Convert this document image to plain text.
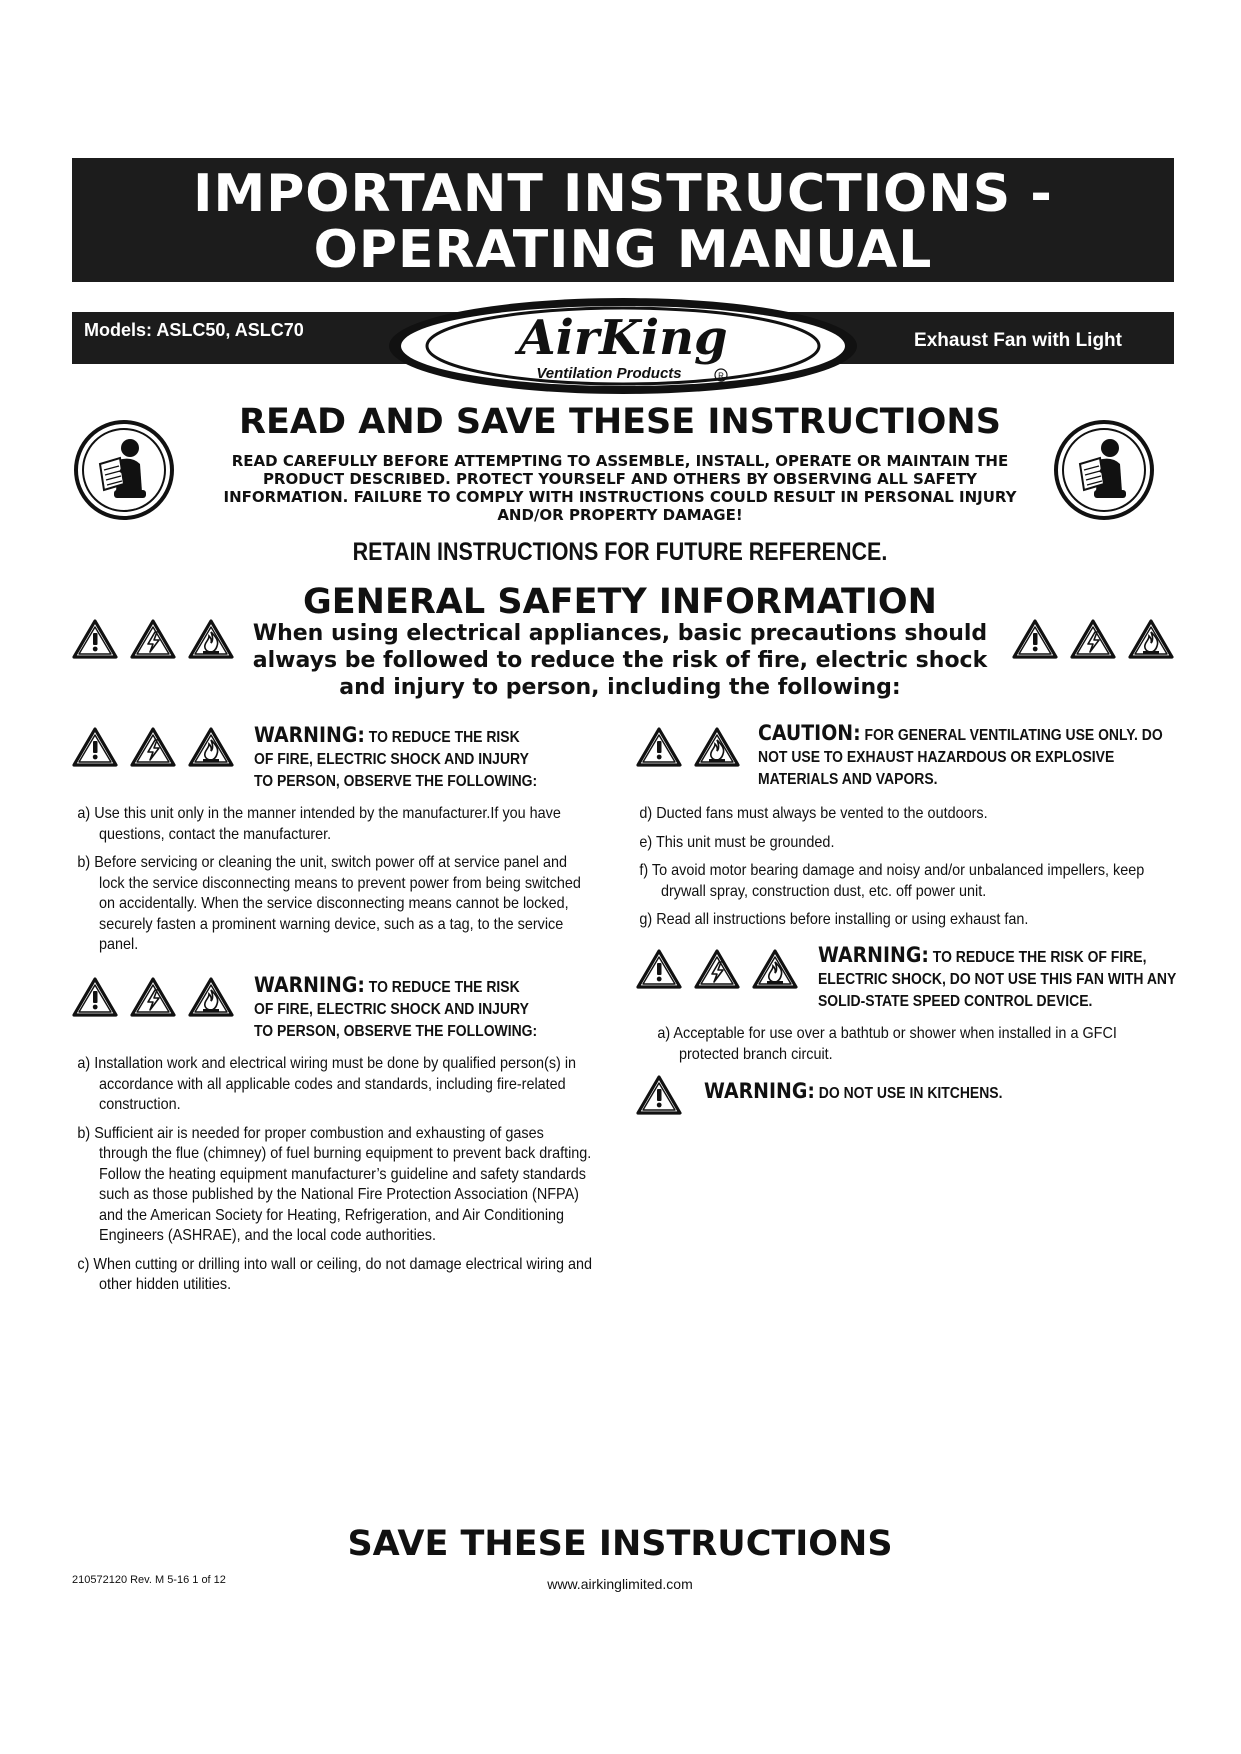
IMPORTANT INSTRUCTIONS -
OPERATING MANUAL
Models: ASLC50, ASLC70	Exhaust Fan with Light
AirKing
Ventilation Products	R
READ AND SAVE THESE INSTRUCTIONS
READ CAREFULLY BEFORE ATTEMPTING TO ASSEMBLE, INSTALL, OPERATE OR MAINTAIN THE PRODUCT DESCRIBED. PROTECT YOURSELF AND OTHERS BY OBSERVING ALL SAFETY INFORMATION. FAILURE TO COMPLY WITH INSTRUCTIONS COULD RESULT IN PERSONAL INJURY AND/OR PROPERTY DAMAGE!
RETAIN INSTRUCTIONS FOR FUTURE REFERENCE.
GENERAL SAFETY INFORMATION
When using electrical appliances, basic precautions should always be followed to reduce the risk of fire, electric shock and injury to person, including the following:
WARNING: TO REDUCE THE RISK OF FIRE, ELECTRIC SHOCK AND INJURY TO PERSON, OBSERVE THE FOLLOWING:
a) Use this unit only in the manner intended by the manufacturer.If you have questions, contact the manufacturer.
b) Before servicing or cleaning the unit, switch power off at service panel and lock the service disconnecting means to prevent power from being switched on accidentally. When the service disconnecting means cannot be locked, securely fasten a prominent warning device, such as a tag, to the service panel.
WARNING: TO REDUCE THE RISK OF FIRE, ELECTRIC SHOCK AND INJURY TO PERSON, OBSERVE THE FOLLOWING:
a) Installation work and electrical wiring must be done by qualified person(s) in accordance with all applicable codes and standards, including fire-related construction.
b) Sufficient air is needed for proper combustion and exhausting of gases through the flue (chimney) of fuel burning equipment to prevent back drafting. Follow the heating equipment manufacturer’s guideline and safety standards such as those published by the National Fire Protection Association (NFPA) and the American Society for Heating, Refrigeration, and Air Conditioning Engineers (ASHRAE), and the local code authorities.
c) When cutting or drilling into wall or ceiling, do not damage electrical wiring and other hidden utilities.
CAUTION: FOR GENERAL VENTILATING USE ONLY. DO NOT USE TO EXHAUST HAZARDOUS OR EXPLOSIVE MATERIALS AND VAPORS.
d) Ducted fans must always be vented to the outdoors.
e) This unit must be grounded.
f) To avoid motor bearing damage and noisy and/or unbalanced impellers, keep drywall spray, construction dust, etc. off power unit.
g) Read all instructions before installing or using exhaust fan.
WARNING: TO REDUCE THE RISK OF FIRE, ELECTRIC SHOCK, DO NOT USE THIS FAN WITH ANY SOLID-STATE SPEED CONTROL DEVICE.
a) Acceptable for use over a bathtub or shower when installed in a GFCI protected branch circuit.
WARNING: DO NOT USE IN KITCHENS.
SAVE THESE INSTRUCTIONS
210572120 Rev. M 5-16 1 of 12	www.airkinglimited.com
